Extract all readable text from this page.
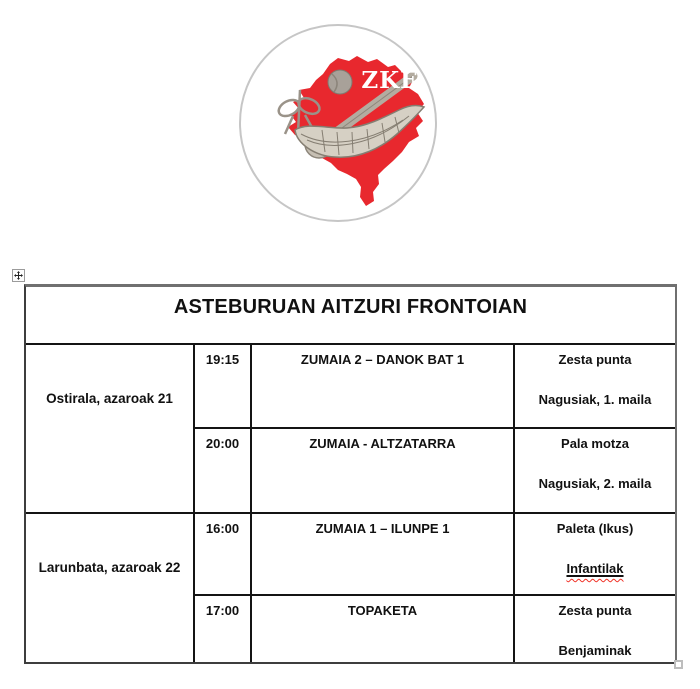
ZKE
ASTEBURUAN AITZURI FRONTOIAN
Ostirala, azaroak 21
19:15	ZUMAIA 2 – DANOK BAT 1	Zesta punta
Nagusiak, 1. maila
20:00	ZUMAIA - ALTZATARRA	Pala motza
Nagusiak, 2. maila
Larunbata, azaroak 22
16:00	ZUMAIA 1 – ILUNPE 1	Paleta (Ikus)
Infantilak
17:00	TOPAKETA	Zesta punta
Benjaminak
